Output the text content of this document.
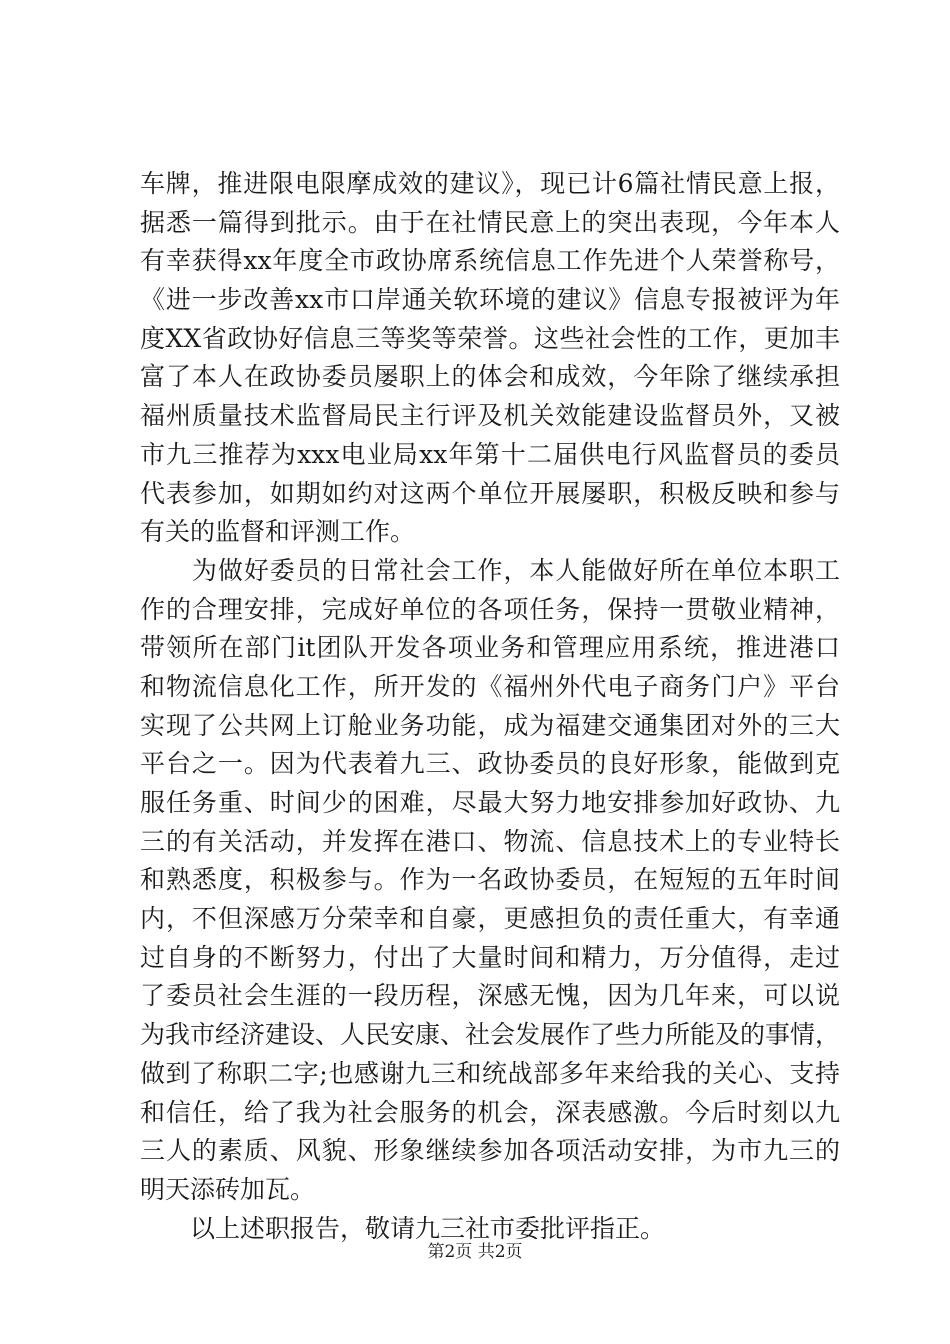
车牌，推进限电限摩成效的建议》，现已计6篇社情民意上报，
据悉一篇得到批示。由于在社情民意上的突出表现，今年本人
有幸获得xx年度全市政协席系统信息工作先进个人荣誉称号，
《进一步改善xx市口岸通关软环境的建议》信息专报被评为年
度XX省政协好信息三等奖等荣誉。这些社会性的工作，更加丰
富了本人在政协委员屡职上的体会和成效，今年除了继续承担
福州质量技术监督局民主行评及机关效能建设监督员外，又被
市九三推荐为xxx电业局xx年第十二届供电行风监督员的委员
代表参加，如期如约对这两个单位开展屡职，积极反映和参与
有关的监督和评测工作。
　　为做好委员的日常社会工作，本人能做好所在单位本职工
作的合理安排，完成好单位的各项任务，保持一贯敬业精神，
带领所在部门it团队开发各项业务和管理应用系统，推进港口
和物流信息化工作，所开发的《福州外代电子商务门户》平台
实现了公共网上订舱业务功能，成为福建交通集团对外的三大
平台之一。因为代表着九三、政协委员的良好形象，能做到克
服任务重、时间少的困难，尽最大努力地安排参加好政协、九
三的有关活动，并发挥在港口、物流、信息技术上的专业特长
和熟悉度，积极参与。作为一名政协委员，在短短的五年时间
内，不但深感万分荣幸和自豪，更感担负的责任重大，有幸通
过自身的不断努力，付出了大量时间和精力，万分值得，走过
了委员社会生涯的一段历程，深感无愧，因为几年来，可以说
为我市经济建设、人民安康、社会发展作了些力所能及的事情，
做到了称职二字;也感谢九三和统战部多年来给我的关心、支持
和信任，给了我为社会服务的机会，深表感激。今后时刻以九
三人的素质、风貌、形象继续参加各项活动安排，为市九三的
明天添砖加瓦。
　　以上述职报告，敬请九三社市委批评指正。
第2页 共2页
